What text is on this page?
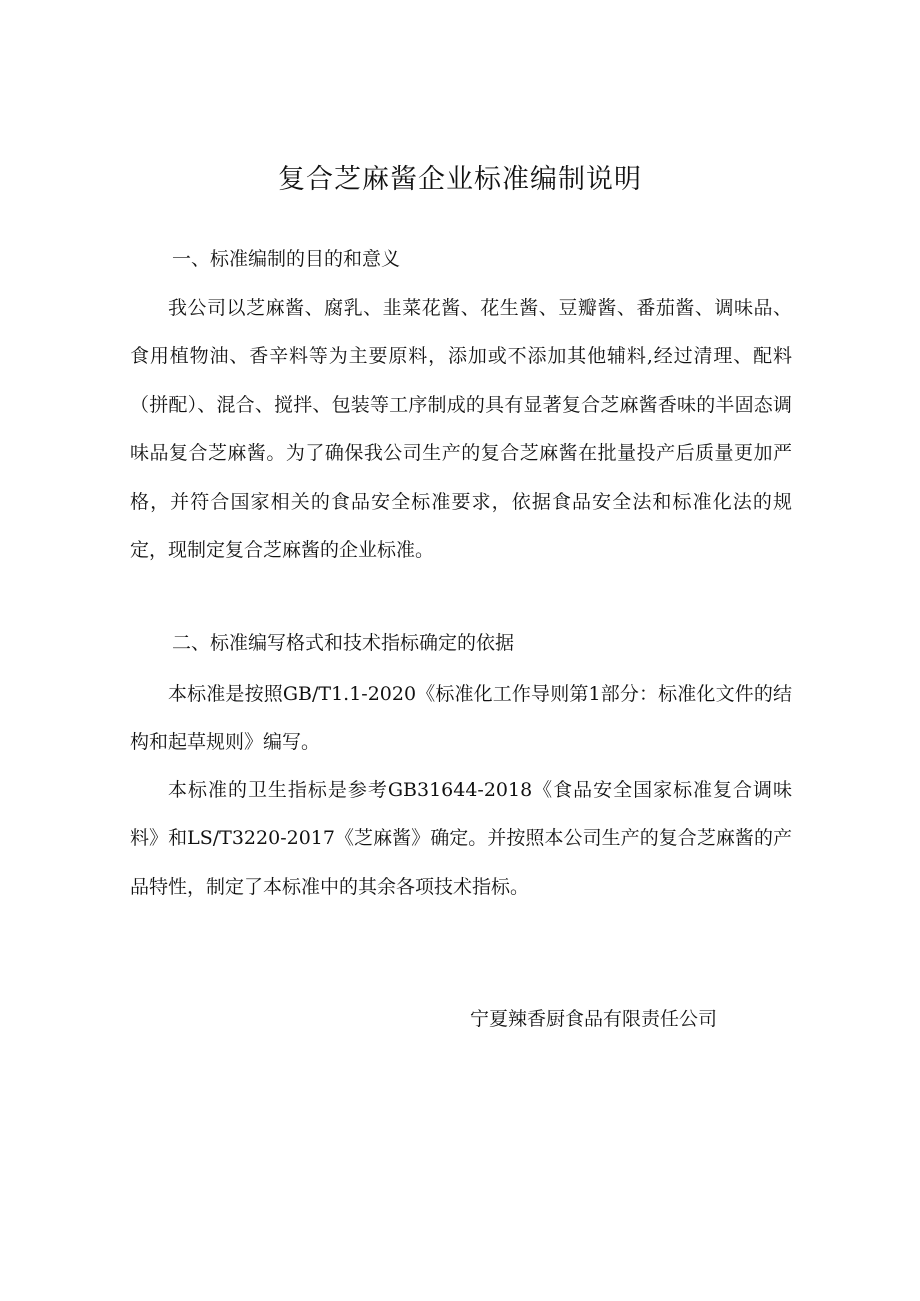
复合芝麻酱企业标准编制说明
一、标准编制的目的和意义

我公司以芝麻酱、腐乳、韭菜花酱、花生酱、豆瓣酱、番茄酱、调味品、食用植物油、香辛料等为主要原料，添加或不添加其他辅料,经过清理、配料（拼配）、混合、搅拌、包装等工序制成的具有显著复合芝麻酱香味的半固态调味品复合芝麻酱。为了确保我公司生产的复合芝麻酱在批量投产后质量更加严格，并符合国家相关的食品安全标准要求，依据食品安全法和标准化法的规定，现制定复合芝麻酱的企业标准。

二、标准编写格式和技术指标确定的依据

本标准是按照GB/T1.1-2020《标准化工作导则第1部分：标准化文件的结构和起草规则》编写。

本标准的卫生指标是参考GB31644-2018《食品安全国家标准复合调味料》和LS/T3220-2017《芝麻酱》确定。并按照本公司生产的复合芝麻酱的产品特性，制定了本标准中的其余各项技术指标。

宁夏辣香厨食品有限责任公司
